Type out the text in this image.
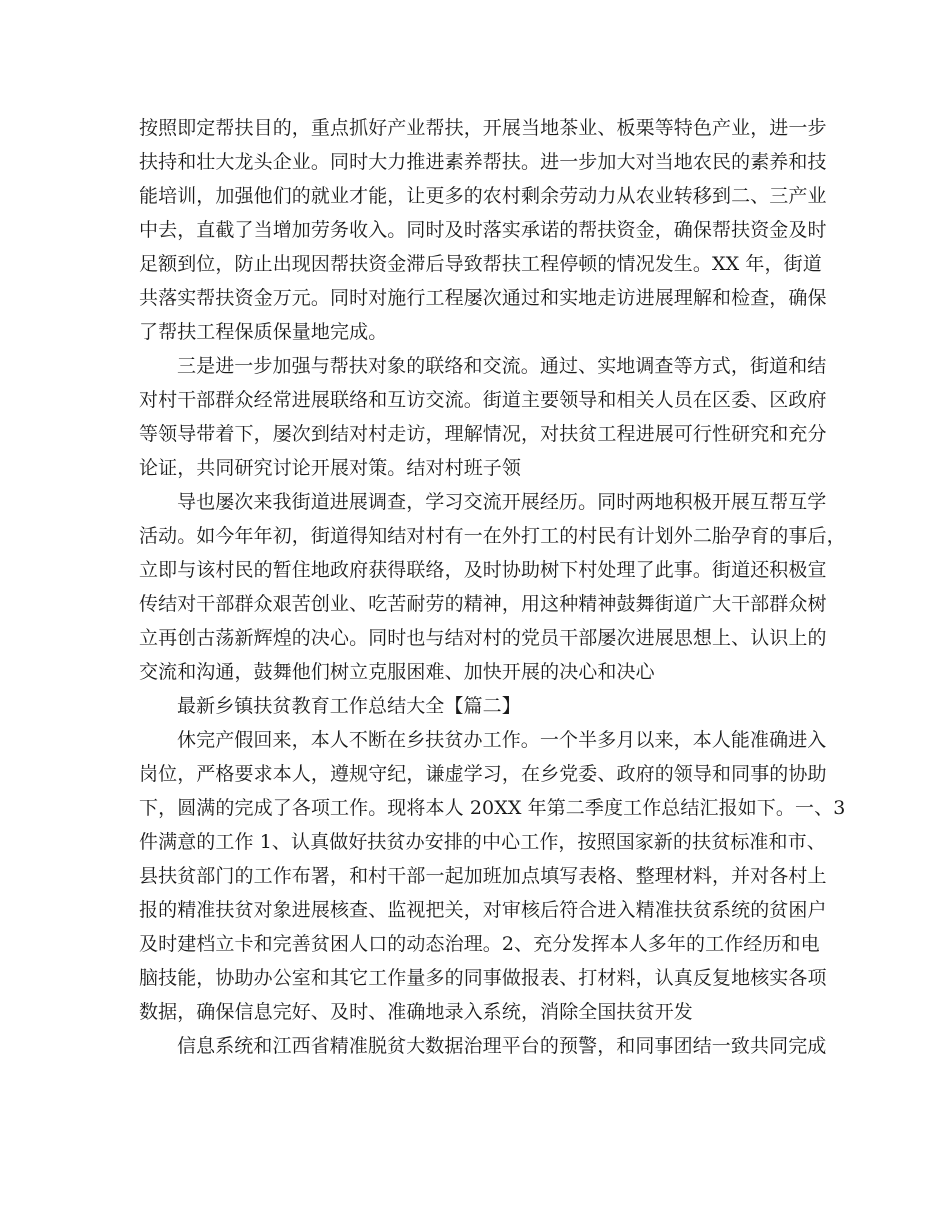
按照即定帮扶目的，重点抓好产业帮扶，开展当地茶业、板栗等特色产业，进一步
扶持和壮大龙头企业。同时大力推进素养帮扶。进一步加大对当地农民的素养和技
能培训，加强他们的就业才能，让更多的农村剩余劳动力从农业转移到二、三产业
中去，直截了当增加劳务收入。同时及时落实承诺的帮扶资金，确保帮扶资金及时
足额到位，防止出现因帮扶资金滞后导致帮扶工程停顿的情况发生。XX 年，街道
共落实帮扶资金万元。同时对施行工程屡次通过和实地走访进展理解和检查，确保
了帮扶工程保质保量地完成。
三是进一步加强与帮扶对象的联络和交流。通过、实地调查等方式，街道和结
对村干部群众经常进展联络和互访交流。街道主要领导和相关人员在区委、区政府
等领导带着下，屡次到结对村走访，理解情况，对扶贫工程进展可行性研究和充分
论证，共同研究讨论开展对策。结对村班子领
导也屡次来我街道进展调查，学习交流开展经历。同时两地积极开展互帮互学
活动。如今年年初，街道得知结对村有一在外打工的村民有计划外二胎孕育的事后，
立即与该村民的暂住地政府获得联络，及时协助树下村处理了此事。街道还积极宣
传结对干部群众艰苦创业、吃苦耐劳的精神，用这种精神鼓舞街道广大干部群众树
立再创古荡新辉煌的决心。同时也与结对村的党员干部屡次进展思想上、认识上的
交流和沟通，鼓舞他们树立克服困难、加快开展的决心和决心
最新乡镇扶贫教育工作总结大全【篇二】
休完产假回来，本人不断在乡扶贫办工作。一个半多月以来，本人能准确进入
岗位，严格要求本人，遵规守纪，谦虚学习，在乡党委、政府的领导和同事的协助
下，圆满的完成了各项工作。现将本人 20XX 年第二季度工作总结汇报如下。一、3
件满意的工作 1、认真做好扶贫办安排的中心工作，按照国家新的扶贫标准和市、
县扶贫部门的工作布署，和村干部一起加班加点填写表格、整理材料，并对各村上
报的精准扶贫对象进展核查、监视把关，对审核后符合进入精准扶贫系统的贫困户
及时建档立卡和完善贫困人口的动态治理。2、充分发挥本人多年的工作经历和电
脑技能，协助办公室和其它工作量多的同事做报表、打材料，认真反复地核实各项
数据，确保信息完好、及时、准确地录入系统，消除全国扶贫开发
信息系统和江西省精准脱贫大数据治理平台的预警，和同事团结一致共同完成
